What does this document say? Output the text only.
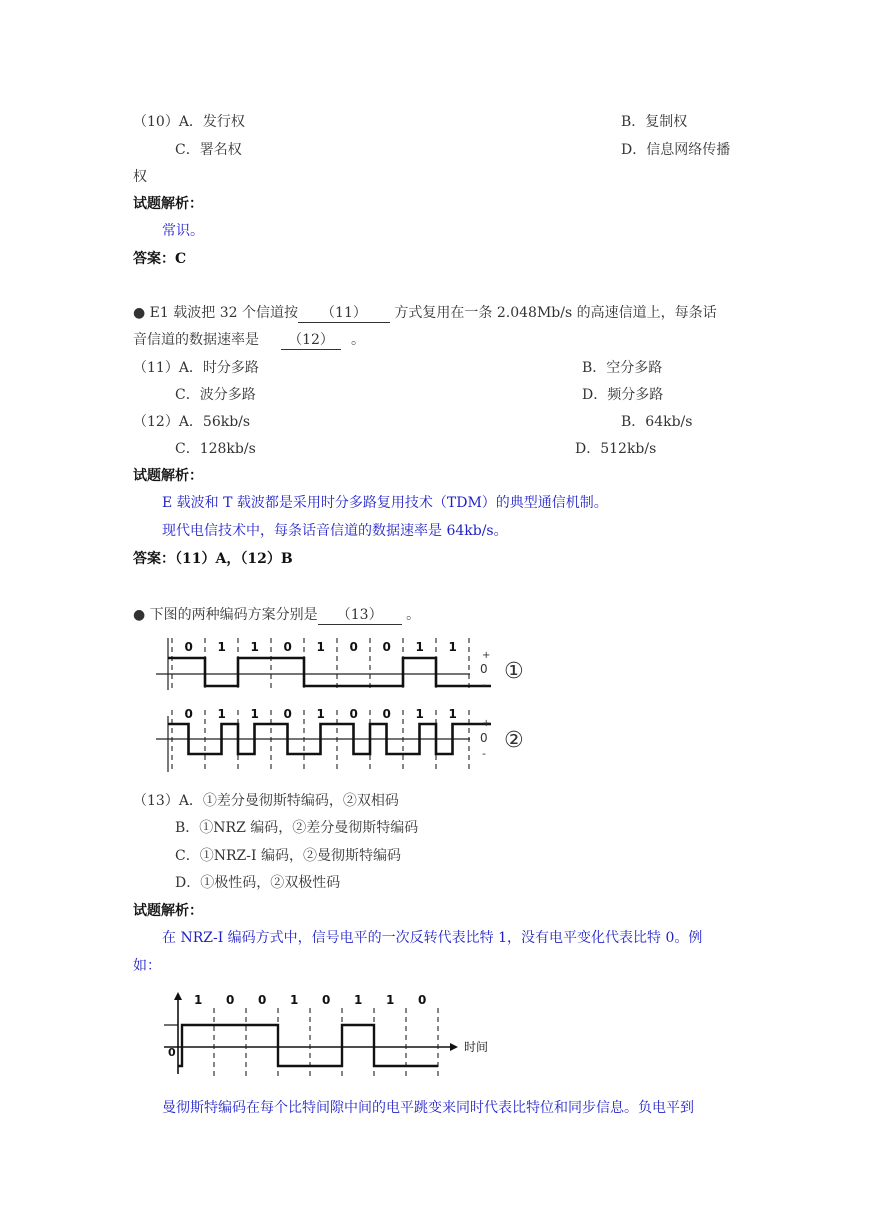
（10）A．发行权	B．复制权
C．署名权	D．信息网络传播
权
试题解析：
常识。
答案：C
● E1 载波把 32 个信道按 （11） 方式复用在一条 2.048Mb/s 的高速信道上，每条话
音信道的数据速率是 （12） 。
（11）A．时分多路	B．空分多路
C．波分多路	D．频分多路
（12）A．56kb/s	B．64kb/s
C．128kb/s	D．512kb/s
试题解析：
E 载波和 T 载波都是采用时分多路复用技术（TDM）的典型通信机制。
现代电信技术中，每条话音信道的数据速率是 64kb/s。
答案：（11）A，（12）B
● 下图的两种编码方案分别是 （13） 。
0 1 1 0 1 0 0 1 1
+
0
-
①
0 1 1 0 1 0 0 1 1
+
0
-
②
（13）A．①差分曼彻斯特编码，②双相码
B．①NRZ 编码，②差分曼彻斯特编码
C．①NRZ-I 编码，②曼彻斯特编码
D．①极性码，②双极性码
试题解析：
在 NRZ-I 编码方式中，信号电平的一次反转代表比特 1，没有电平变化代表比特 0。例
如：
1 0 0 1 0 1 1 0
0	时间
曼彻斯特编码在每个比特间隙中间的电平跳变来同时代表比特位和同步信息。负电平到
